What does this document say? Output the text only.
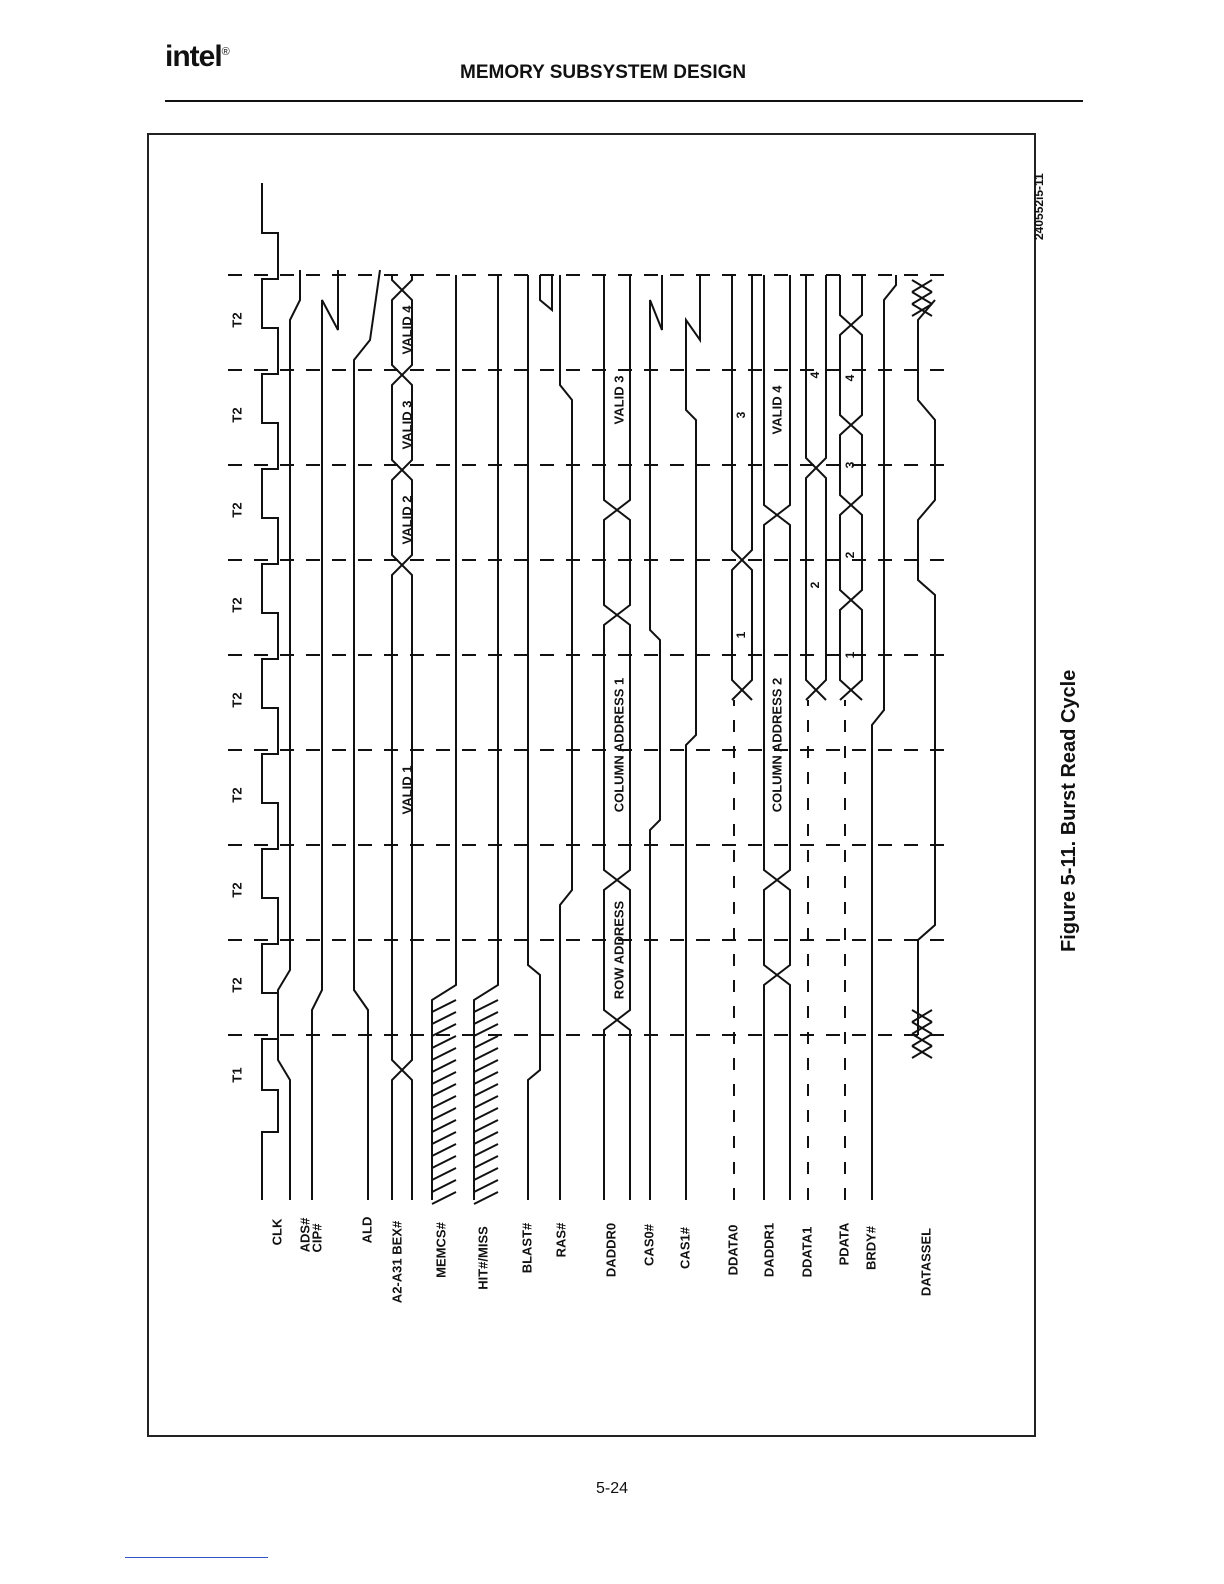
intel®
MEMORY SUBSYSTEM DESIGN
T1
T2
T2
T2
T2
T2
T2
T2
T2
CLK ADS#
CIP#	ALD A2-A31 BEX# MEMCS# HIT#/MISS BLAST# RAS#	DADDR0 CAS0# CAS1#	DDATA0 DADDR1 DDATA1 PDATA BRDY#	DATASSEL
VALID 1
VALID 2
VALID 3
VALID 4
ROW ADDRESS
COLUMN ADDRESS 1
VALID 3
1
3
COLUMN ADDRESS 2
VALID 4
2
4
1
2
3
4
240552i5-11
Figure 5-11. Burst Read Cycle
5-24
